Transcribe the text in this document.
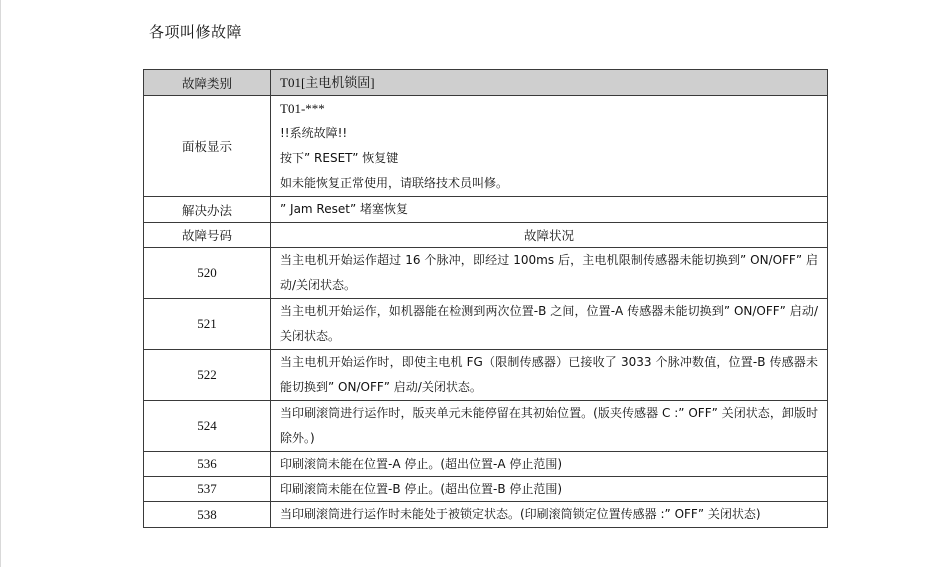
各项叫修故障
故障类别	T01[主电机锁固]
面板显示	T01-***
!!系统故障!!
按下” RESET” 恢复键
如未能恢复正常使用，请联络技术员叫修。

解决办法	” Jam Reset” 堵塞恢复
故障号码	故障状况
520	当主电机开始运作超过 16 个脉冲，即经过 100ms 后，主电机限制传感器未能切换到” ON/OFF” 启动/关闭状态。
521	当主电机开始运作，如机器能在检测到两次位置-B 之间，位置-A 传感器未能切换到” ON/OFF” 启动/关闭状态。
522	当主电机开始运作时，即使主电机 FG（限制传感器）已接收了 3033 个脉冲数值，位置-B 传感器未能切换到” ON/OFF” 启动/关闭状态。
524	当印刷滚筒进行运作时，版夹单元未能停留在其初始位置。(版夹传感器 C :” OFF” 关闭状态，卸版时除外。)
536	印刷滚筒未能在位置-A 停止。(超出位置-A 停止范围)
537	印刷滚筒未能在位置-B 停止。(超出位置-B 停止范围)
538	当印刷滚筒进行运作时未能处于被锁定状态。(印刷滚筒锁定位置传感器 :” OFF” 关闭状态)
